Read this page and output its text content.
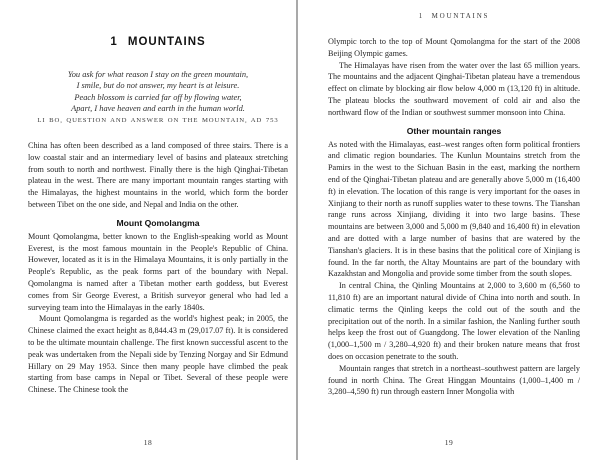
1 MOUNTAINS

You ask for what reason I stay on the green mountain,

I smile, but do not answer, my heart is at leisure.

Peach blossom is carried far off by flowing water,

Apart, I have heaven and earth in the human world.

LI BO, QUESTION AND ANSWER ON THE MOUNTAIN, AD 753

China has often been described as a land composed of three stairs. There is a low coastal stair and an intermediary level of basins and plateaux stretching from south to north and northwest. Finally there is the high Qinghai-Tibetan plateau in the west. There are many important mountain ranges starting with the Himalayas, the highest mountains in the world, which form the border between Tibet on the one side, and Nepal and India on the other.

Mount Qomolangma

Mount Qomolangma, better known to the English-speaking world as Mount Everest, is the most famous mountain in the People's Republic of China. However, located as it is in the Himalaya Mountains, it is only partially in the People's Republic, as the peak forms part of the boundary with Nepal. Qomolangma is named after a Tibetan mother earth goddess, but Everest comes from Sir George Everest, a British surveyor general who had led a surveying team into the Himalayas in the early 1840s.

Mount Qomolangma is regarded as the world's highest peak; in 2005, the Chinese claimed the exact height as 8,844.43 m (29,017.07 ft). It is considered to be the ultimate mountain challenge. The first known successful ascent to the peak was undertaken from the Nepali side by Tenzing Norgay and Sir Edmund Hillary on 29 May 1953. Since then many people have climbed the peak starting from base camps in Nepal or Tibet. Several of these people were Chinese. The Chinese took the

18
1 MOUNTAINS

Olympic torch to the top of Mount Qomolangma for the start of the 2008 Beijing Olympic games.

The Himalayas have risen from the water over the last 65 million years. The mountains and the adjacent Qinghai-Tibetan plateau have a tremendous effect on climate by blocking air flow below 4,000 m (13,120 ft) in altitude. The plateau blocks the southward movement of cold air and also the northward flow of the Indian or southwest summer monsoon into China.

Other mountain ranges

As noted with the Himalayas, east–west ranges often form political frontiers and climatic region boundaries. The Kunlun Mountains stretch from the Pamirs in the west to the Sichuan Basin in the east, marking the northern end of the Qinghai-Tibetan plateau and are generally above 5,000 m (16,400 ft) in elevation. The location of this range is very important for the oases in Xinjiang to their north as runoff supplies water to these towns. The Tianshan range runs across Xinjiang, dividing it into two large basins. These mountains are between 3,000 and 5,000 m (9,840 and 16,400 ft) in elevation and are dotted with a large number of basins that are watered by the Tianshan's glaciers. It is in these basins that the political core of Xinjiang is found. In the far north, the Altay Mountains are part of the boundary with Kazakhstan and Mongolia and provide some timber from the south slopes.

In central China, the Qinling Mountains at 2,000 to 3,600 m (6,560 to 11,810 ft) are an important natural divide of China into north and south. In climatic terms the Qinling keeps the cold out of the south and the precipitation out of the north. In a similar fashion, the Nanling further south helps keep the frost out of Guangdong. The lower elevation of the Nanling (1,000–1,500 m / 3,280–4,920 ft) and their broken nature means that frost does on occasion penetrate to the south.

Mountain ranges that stretch in a northeast–southwest pattern are largely found in north China. The Great Hinggan Mountains (1,000–1,400 m / 3,280–4,590 ft) run through eastern Inner Mongolia with

19
